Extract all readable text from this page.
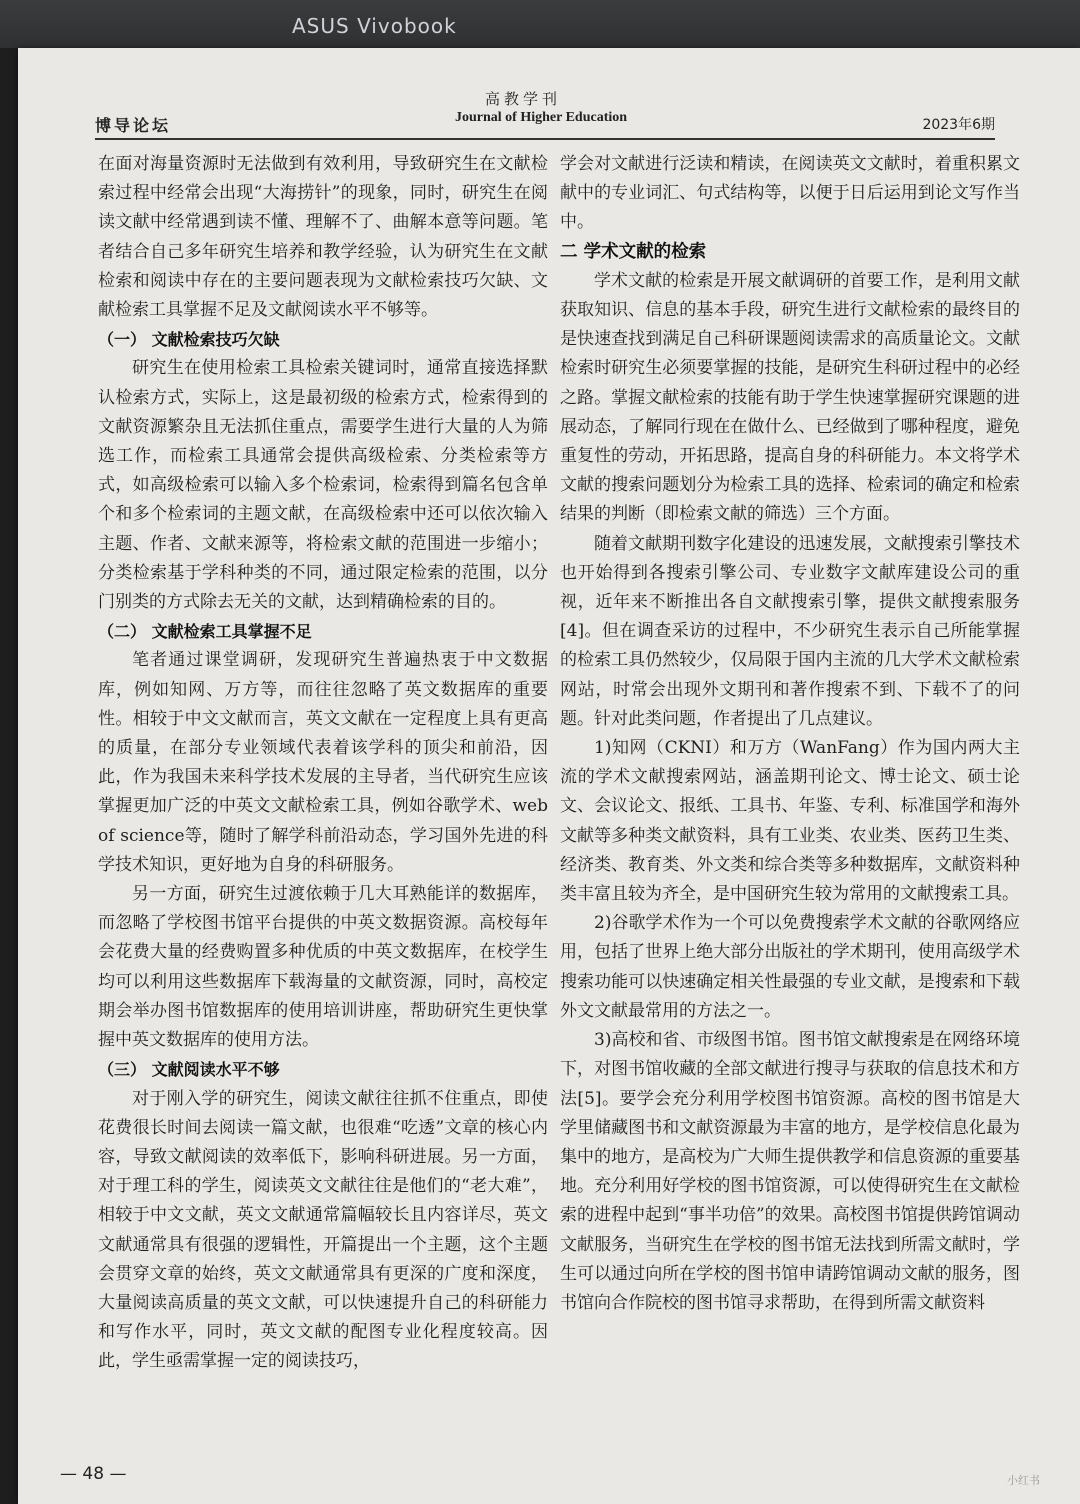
ASUS Vivobook
博导论坛
高教学刊
Journal of Higher Education	2023年6期

在面对海量资源时无法做到有效利用，导致研究生在文献检索过程中经常会出现“大海捞针”的现象，同时，研究生在阅读文献中经常遇到读不懂、理解不了、曲解本意等问题。笔者结合自己多年研究生培养和教学经验，认为研究生在文献检索和阅读中存在的主要问题表现为文献检索技巧欠缺、文献检索工具掌握不足及文献阅读水平不够等。

（一） 文献检索技巧欠缺

研究生在使用检索工具检索关键词时，通常直接选择默认检索方式，实际上，这是最初级的检索方式，检索得到的文献资源繁杂且无法抓住重点，需要学生进行大量的人为筛选工作，而检索工具通常会提供高级检索、分类检索等方式，如高级检索可以输入多个检索词，检索得到篇名包含单个和多个检索词的主题文献，在高级检索中还可以依次输入主题、作者、文献来源等，将检索文献的范围进一步缩小；分类检索基于学科种类的不同，通过限定检索的范围，以分门别类的方式除去无关的文献，达到精确检索的目的。

（二） 文献检索工具掌握不足

笔者通过课堂调研，发现研究生普遍热衷于中文数据库，例如知网、万方等，而往往忽略了英文数据库的重要性。相较于中文文献而言，英文文献在一定程度上具有更高的质量，在部分专业领域代表着该学科的顶尖和前沿，因此，作为我国未来科学技术发展的主导者，当代研究生应该掌握更加广泛的中英文文献检索工具，例如谷歌学术、web of science等，随时了解学科前沿动态，学习国外先进的科学技术知识，更好地为自身的科研服务。

另一方面，研究生过渡依赖于几大耳熟能详的数据库，而忽略了学校图书馆平台提供的中英文数据资源。高校每年会花费大量的经费购置多种优质的中英文数据库，在校学生均可以利用这些数据库下载海量的文献资源，同时，高校定期会举办图书馆数据库的使用培训讲座，帮助研究生更快掌握中英文数据库的使用方法。

（三） 文献阅读水平不够

对于刚入学的研究生，阅读文献往往抓不住重点，即使花费很长时间去阅读一篇文献，也很难“吃透”文章的核心内容，导致文献阅读的效率低下，影响科研进展。另一方面，对于理工科的学生，阅读英文文献往往是他们的“老大难”，相较于中文文献，英文文献通常篇幅较长且内容详尽，英文文献通常具有很强的逻辑性，开篇提出一个主题，这个主题会贯穿文章的始终，英文文献通常具有更深的广度和深度，大量阅读高质量的英文文献，可以快速提升自己的科研能力和写作水平，同时，英文文献的配图专业化程度较高。因此，学生亟需掌握一定的阅读技巧，

学会对文献进行泛读和精读，在阅读英文文献时，着重积累文献中的专业词汇、句式结构等，以便于日后运用到论文写作当中。

二 学术文献的检索

学术文献的检索是开展文献调研的首要工作，是利用文献获取知识、信息的基本手段，研究生进行文献检索的最终目的是快速查找到满足自己科研课题阅读需求的高质量论文。文献检索时研究生必须要掌握的技能，是研究生科研过程中的必经之路。掌握文献检索的技能有助于学生快速掌握研究课题的进展动态，了解同行现在在做什么、已经做到了哪种程度，避免重复性的劳动，开拓思路，提高自身的科研能力。本文将学术文献的搜索问题划分为检索工具的选择、检索词的确定和检索结果的判断（即检索文献的筛选）三个方面。

随着文献期刊数字化建设的迅速发展，文献搜索引擎技术也开始得到各搜索引擎公司、专业数字文献库建设公司的重视，近年来不断推出各自文献搜索引擎，提供文献搜索服务[4]。但在调查采访的过程中，不少研究生表示自己所能掌握的检索工具仍然较少，仅局限于国内主流的几大学术文献检索网站，时常会出现外文期刊和著作搜索不到、下载不了的问题。针对此类问题，作者提出了几点建议。

1)知网（CKNI）和万方（WanFang）作为国内两大主流的学术文献搜索网站，涵盖期刊论文、博士论文、硕士论文、会议论文、报纸、工具书、年鉴、专利、标准国学和海外文献等多种类文献资料，具有工业类、农业类、医药卫生类、经济类、教育类、外文类和综合类等多种数据库，文献资料种类丰富且较为齐全，是中国研究生较为常用的文献搜索工具。

2)谷歌学术作为一个可以免费搜索学术文献的谷歌网络应用，包括了世界上绝大部分出版社的学术期刊，使用高级学术搜索功能可以快速确定相关性最强的专业文献，是搜索和下载外文文献最常用的方法之一。

3)高校和省、市级图书馆。图书馆文献搜索是在网络环境下，对图书馆收藏的全部文献进行搜寻与获取的信息技术和方法[5]。要学会充分利用学校图书馆资源。高校的图书馆是大学里储藏图书和文献资源最为丰富的地方，是学校信息化最为集中的地方，是高校为广大师生提供教学和信息资源的重要基地。充分利用好学校的图书馆资源，可以使得研究生在文献检索的进程中起到“事半功倍”的效果。高校图书馆提供跨馆调动文献服务，当研究生在学校的图书馆无法找到所需文献时，学生可以通过向所在学校的图书馆申请跨馆调动文献的服务，图书馆向合作院校的图书馆寻求帮助，在得到所需文献资料

— 48 —	小红书
